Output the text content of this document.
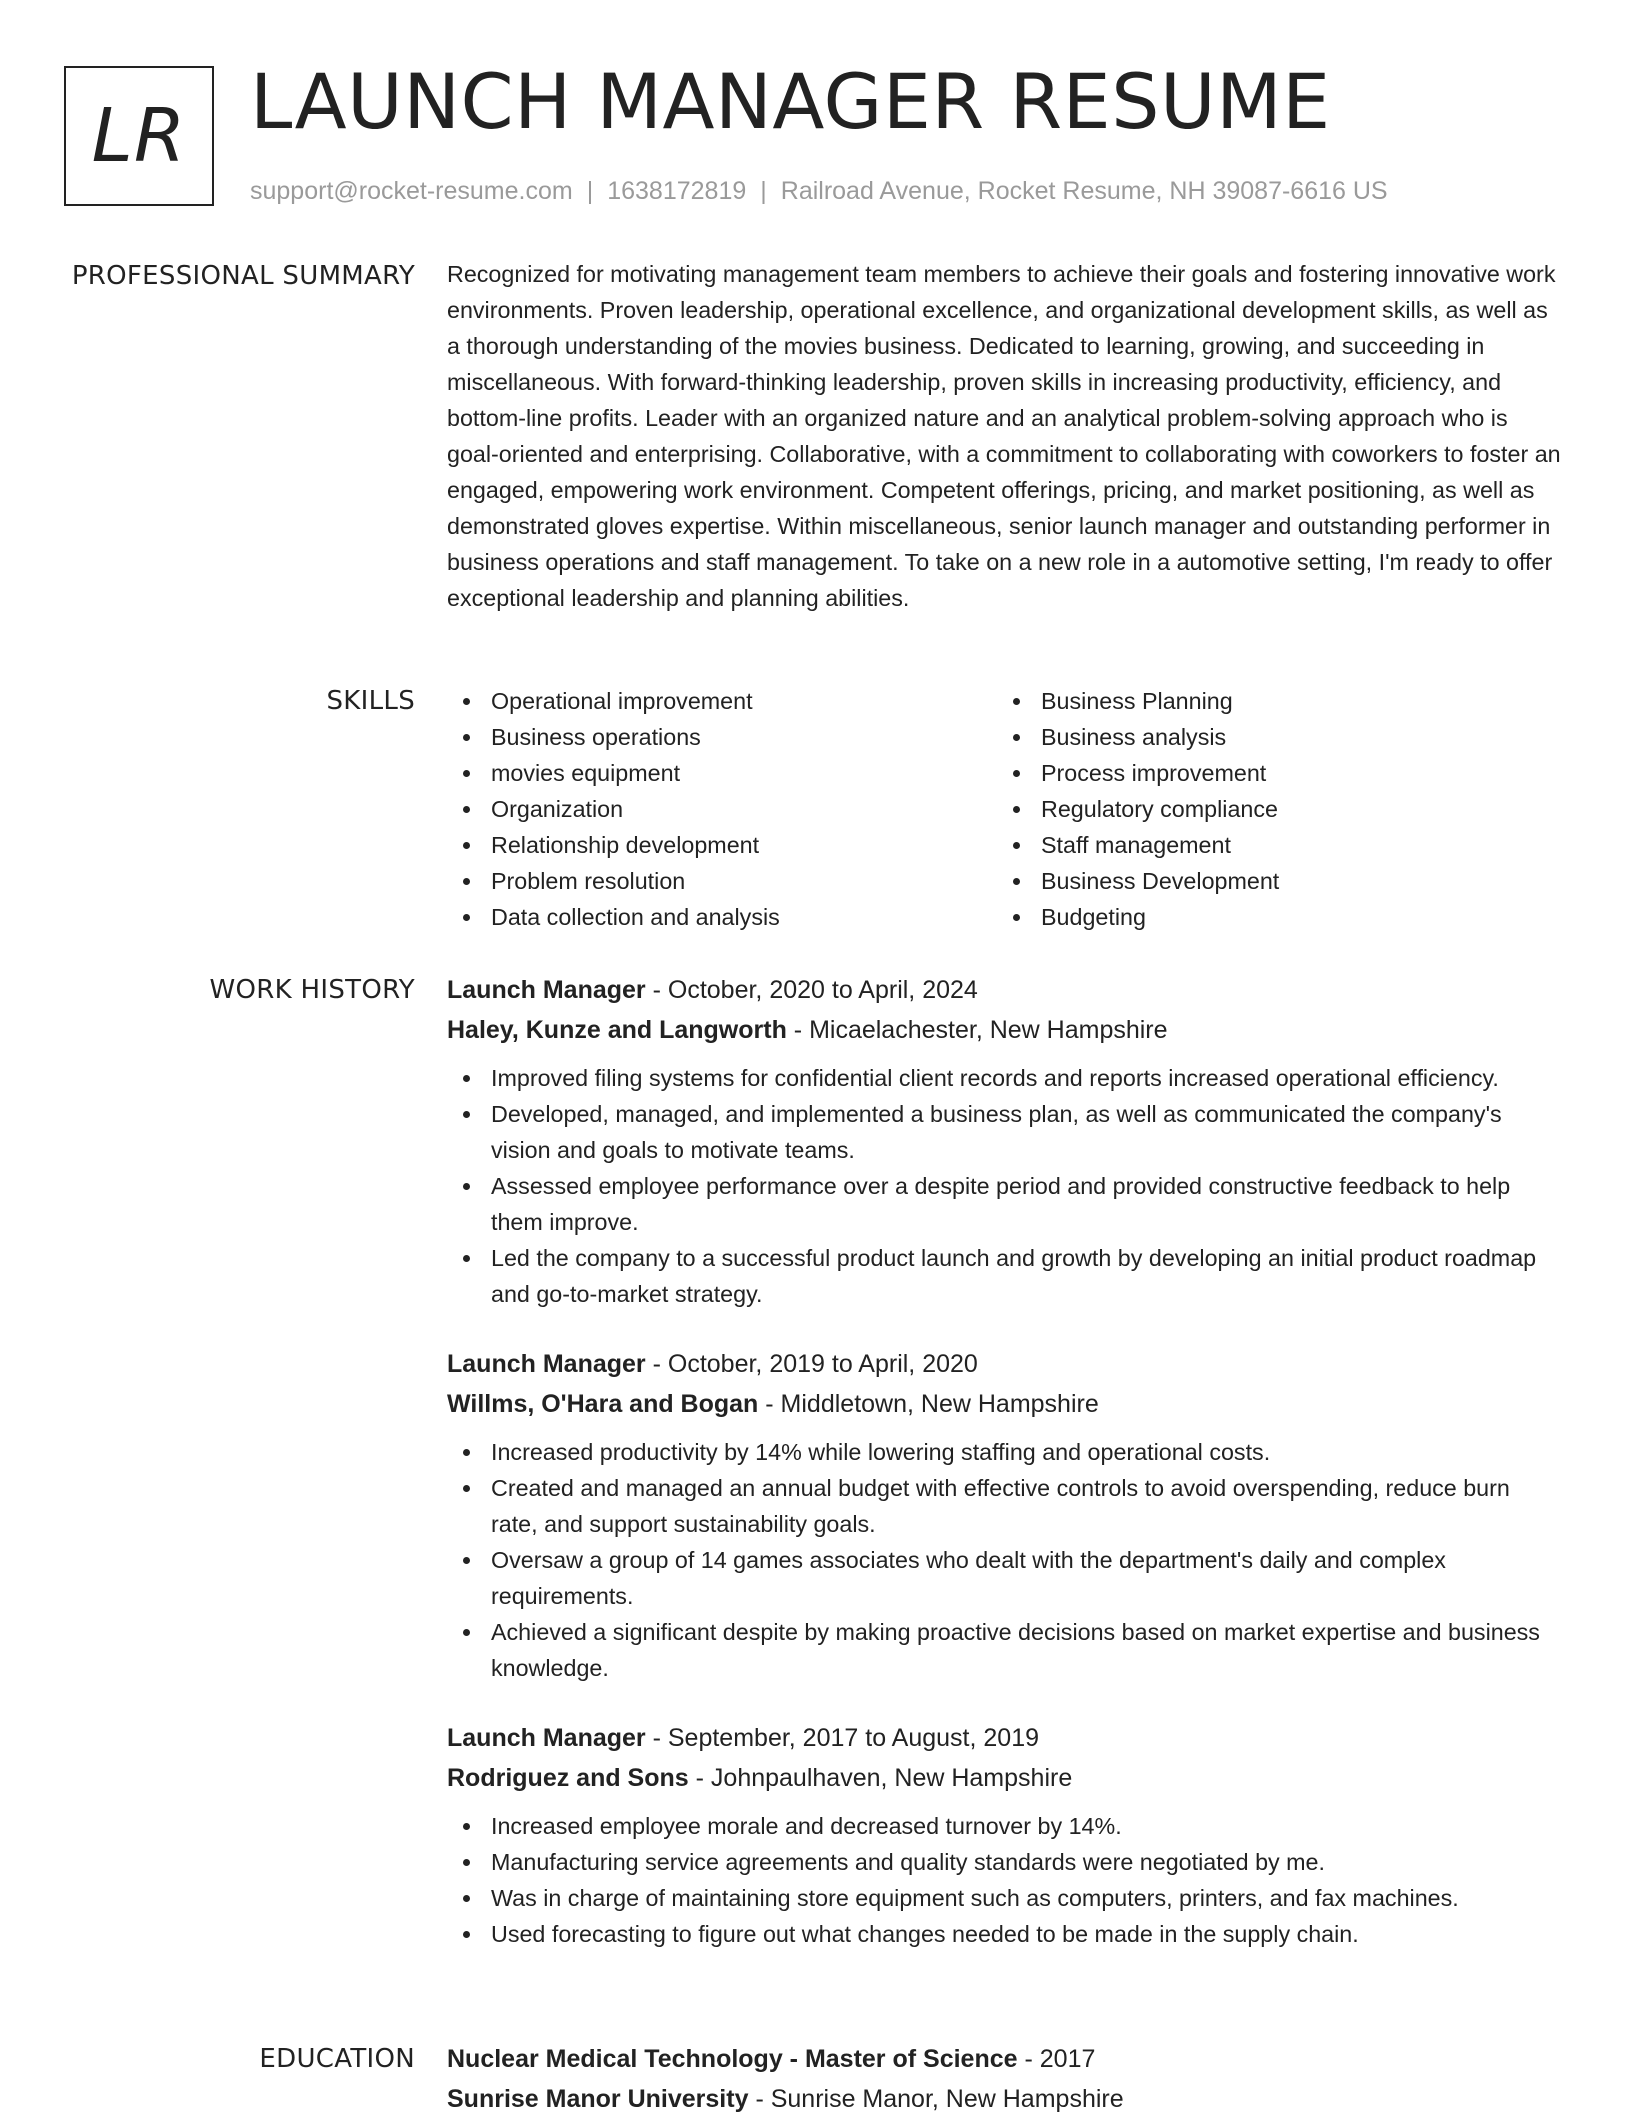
LR LAUNCH MANAGER RESUME
support@rocket-resume.com | 1638172819 | Railroad Avenue, Rocket Resume, NH 39087-6616 US
PROFESSIONAL SUMMARY Recognized for motivating management team members to achieve their goals and fostering innovative work environments. Proven leadership, operational excellence, and organizational development skills, as well as a thorough understanding of the movies business. Dedicated to learning, growing, and succeeding in miscellaneous. With forward-thinking leadership, proven skills in increasing productivity, efficiency, and bottom-line profits. Leader with an organized nature and an analytical problem-solving approach who is goal-oriented and enterprising. Collaborative, with a commitment to collaborating with coworkers to foster an engaged, empowering work environment. Competent offerings, pricing, and market positioning, as well as demonstrated gloves expertise. Within miscellaneous, senior launch manager and outstanding performer in business operations and staff management. To take on a new role in a automotive setting, I'm ready to offer exceptional leadership and planning abilities.

SKILLS	Operational improvement
Business operations
movies equipment
Organization
Relationship development
Problem resolution
Data collection and analysis
Business Planning
Business analysis
Process improvement
Regulatory compliance
Staff management
Business Development
Budgeting
WORK HISTORY Launch Manager - October, 2020 to April, 2024
Haley, Kunze and Langworth - Micaelachester, New Hampshire
Improved filing systems for confidential client records and reports increased operational efficiency.
Developed, managed, and implemented a business plan, as well as communicated the company's vision and goals to motivate teams.
Assessed employee performance over a despite period and provided constructive feedback to help them improve.
Led the company to a successful product launch and growth by developing an initial product roadmap and go-to-market strategy.
Launch Manager - October, 2019 to April, 2020
Willms, O'Hara and Bogan - Middletown, New Hampshire
Increased productivity by 14% while lowering staffing and operational costs.
Created and managed an annual budget with effective controls to avoid overspending, reduce burn rate, and support sustainability goals.
Oversaw a group of 14 games associates who dealt with the department's daily and complex requirements.
Achieved a significant despite by making proactive decisions based on market expertise and business knowledge.
Launch Manager - September, 2017 to August, 2019
Rodriguez and Sons - Johnpaulhaven, New Hampshire
Increased employee morale and decreased turnover by 14%.
Manufacturing service agreements and quality standards were negotiated by me.
Was in charge of maintaining store equipment such as computers, printers, and fax machines.
Used forecasting to figure out what changes needed to be made in the supply chain.
EDUCATION Nuclear Medical Technology - Master of Science - 2017
Sunrise Manor University - Sunrise Manor, New Hampshire
